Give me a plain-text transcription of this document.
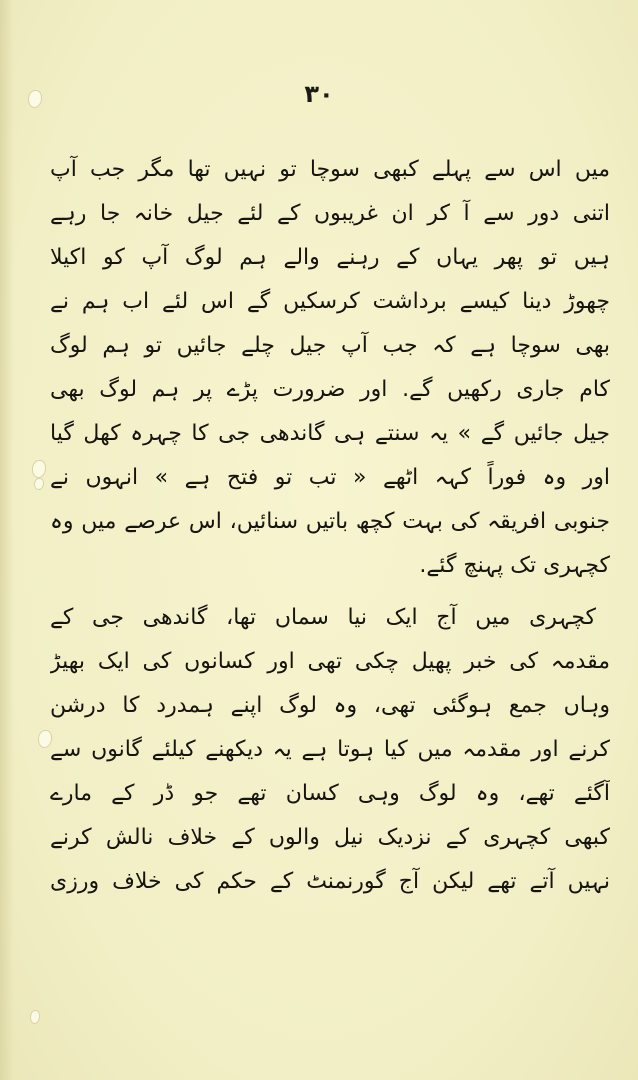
۳۰
میں اس سے پہلے کبھی سوچا تو نہیں تھا مگر جب آپ
اتنی دور سے آ کر ان غریبوں کے لئے جیل خانہ جا رہے
ہیں تو پھر یہاں کے رہنے والے ہم لوگ آپ کو اکیلا
چھوڑ دینا کیسے برداشت کرسکیں گے اس لئے اب ہم نے
بھی سوچا ہے کہ جب آپ جیل چلے جائیں تو ہم لوگ
کام جاری رکھیں گے. اور ضرورت پڑے پر ہم لوگ بھی
جیل جائیں گے » یہ سنتے ہی گاندھی جی کا چہرہ کھل گیا
اور وہ فوراً کہہ اٹھے « تب تو فتح ہے » انہوں نے
جنوبی افریقہ کی بہت کچھ باتیں سنائیں، اس عرصے میں وہ
کچہری تک پہنچ گئے.
کچہری میں آج ایک نیا سماں تھا، گاندھی جی کے
مقدمہ کی خبر پھیل چکی تھی اور کسانوں کی ایک بھیڑ
وہاں جمع ہوگئی تھی، وہ لوگ اپنے ہمدرد کا درشن
کرنے اور مقدمہ میں کیا ہوتا ہے یہ دیکھنے کیلئے گانوں سے
آگئے تھے، وہ لوگ وہی کسان تھے جو ڈر کے مارے
کبھی کچہری کے نزدیک نیل والوں کے خلاف نالش کرنے
نہیں آتے تھے لیکن آج گورنمنٹ کے حکم کی خلاف ورزی
